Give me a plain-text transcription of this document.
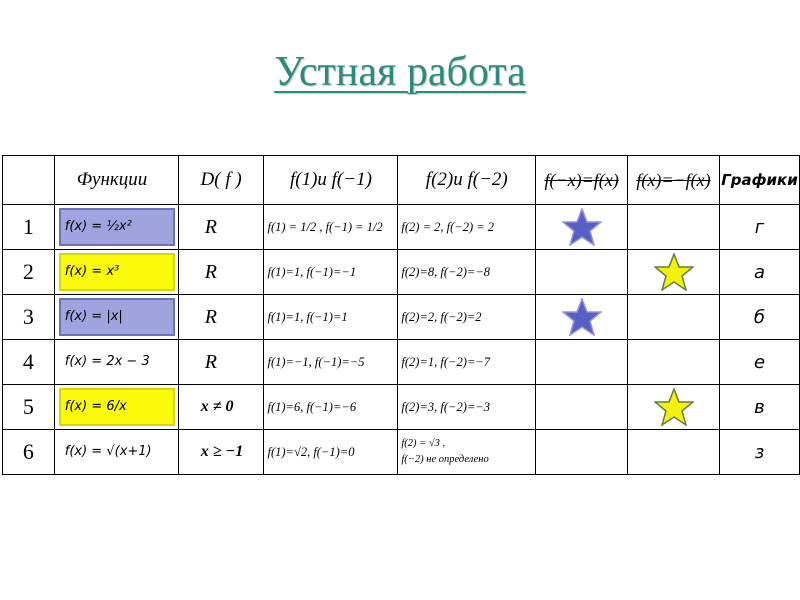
Устная работа
	Функции	D( f )	f(1)и f(−1)	f(2)и f(−2)	f(−x)=f(x)	f(x)=−f(x)	Графики
1	f(x) = ½x²	R	f(1) = 1/2 , f(−1) = 1/2	f(2) = 2, f(−2) = 2			г
2	f(x) = x³	R	f(1)=1, f(−1)=−1	f(2)=8, f(−2)=−8			а
3	f(x) = |x|	R	f(1)=1, f(−1)=1	f(2)=2, f(−2)=2			б
4	f(x) = 2x − 3	R	f(1)=−1, f(−1)=−5	f(2)=1, f(−2)=−7			е
5	f(x) = 6/x	x ≠ 0	f(1)=6, f(−1)=−6	f(2)=3, f(−2)=−3			в
6	f(x) = √(x+1)	x ≥ −1	f(1)=√2, f(−1)=0	f(2) = √3 ,
f(−2) не определено			з
